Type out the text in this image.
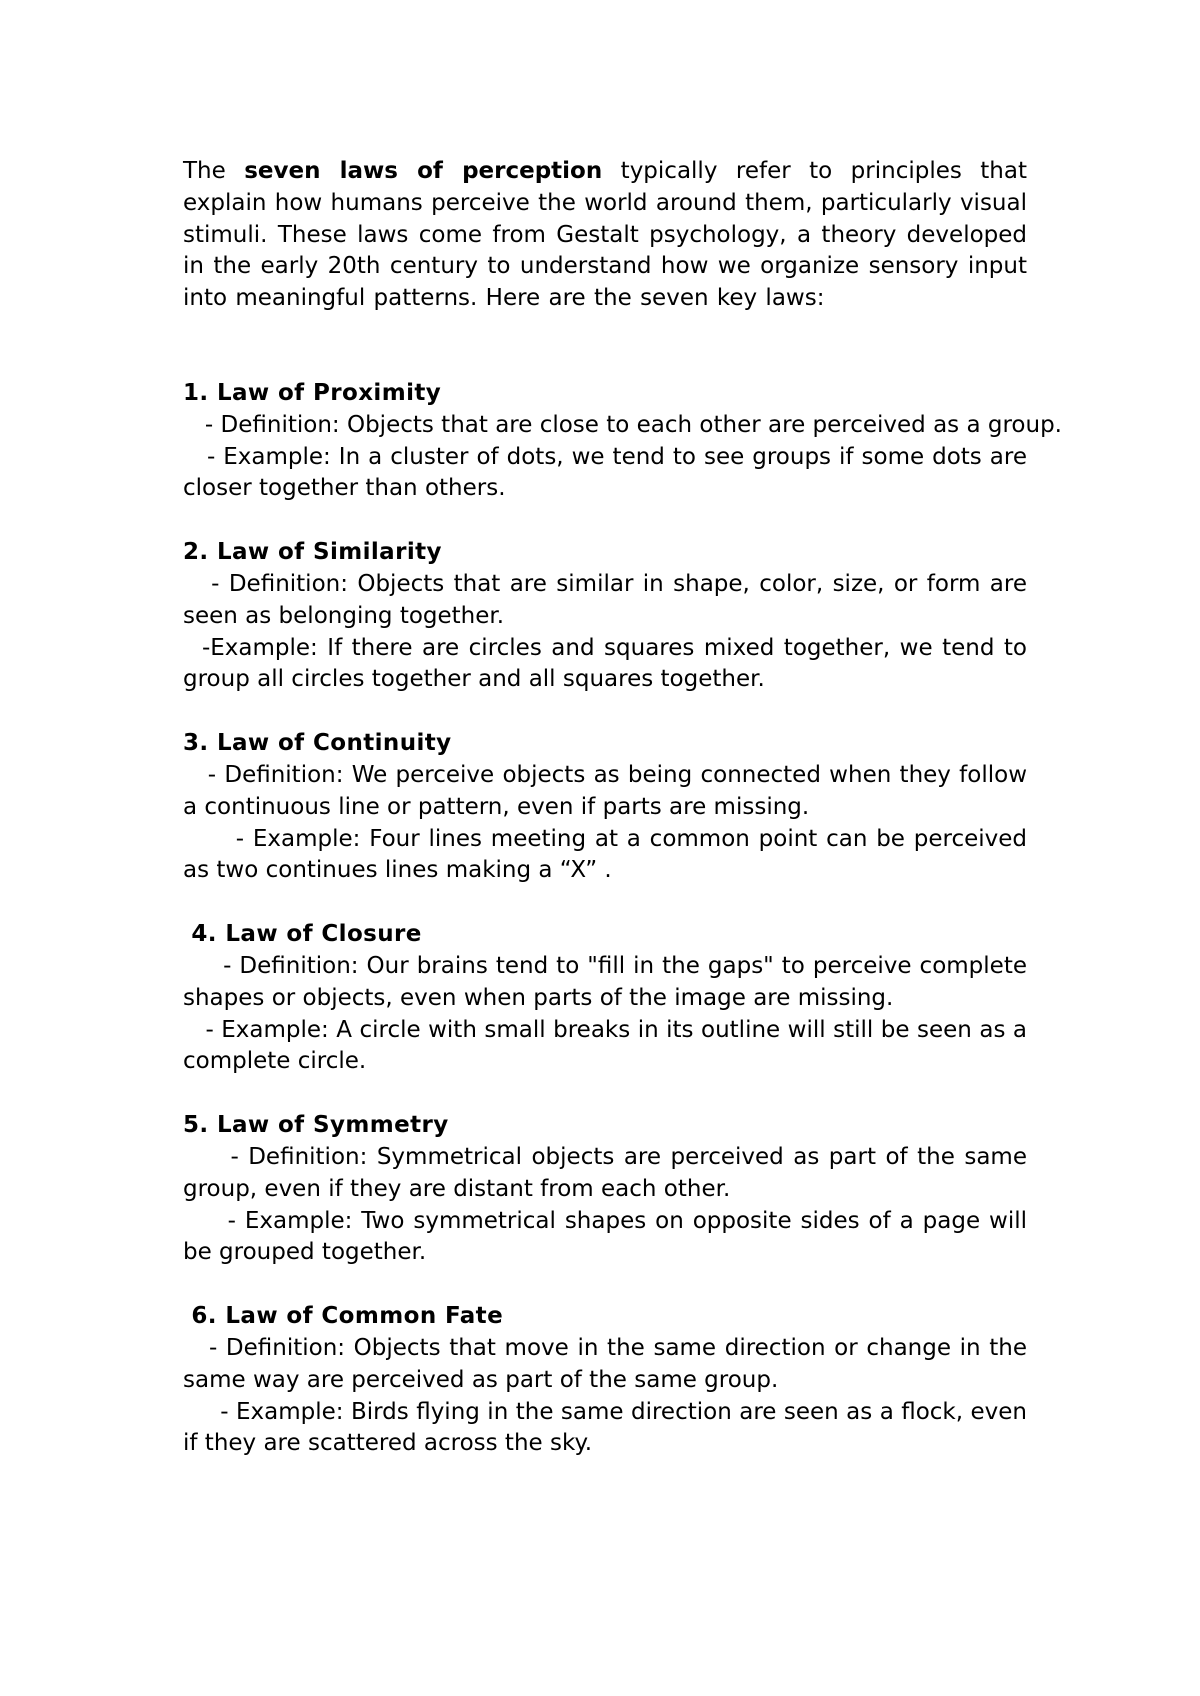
The seven laws of perception typically refer to principles that explain how humans perceive the world around them, particularly visual stimuli. These laws come from Gestalt psychology, a theory developed in the early 20th century to understand how we organize sensory input into meaningful patterns. Here are the seven key laws:

1. Law of Proximity

- Definition: Objects that are close to each other are perceived as a group.

- Example: In a cluster of dots, we tend to see groups if some dots are closer together than others.

2. Law of Similarity

- Definition: Objects that are similar in shape, color, size, or form are seen as belonging together.

-Example: If there are circles and squares mixed together, we tend to group all circles together and all squares together.

3. Law of Continuity

- Definition: We perceive objects as being connected when they follow a continuous line or pattern, even if parts are missing.

- Example: Four lines meeting at a common point can be perceived as two continues lines making a “X” .

4. Law of Closure

- Definition: Our brains tend to "fill in the gaps" to perceive complete shapes or objects, even when parts of the image are missing.

- Example: A circle with small breaks in its outline will still be seen as a complete circle.

5. Law of Symmetry

- Definition: Symmetrical objects are perceived as part of the same group, even if they are distant from each other.

- Example: Two symmetrical shapes on opposite sides of a page will be grouped together.

6. Law of Common Fate

- Definition: Objects that move in the same direction or change in the same way are perceived as part of the same group.

- Example: Birds flying in the same direction are seen as a flock, even if they are scattered across the sky.
